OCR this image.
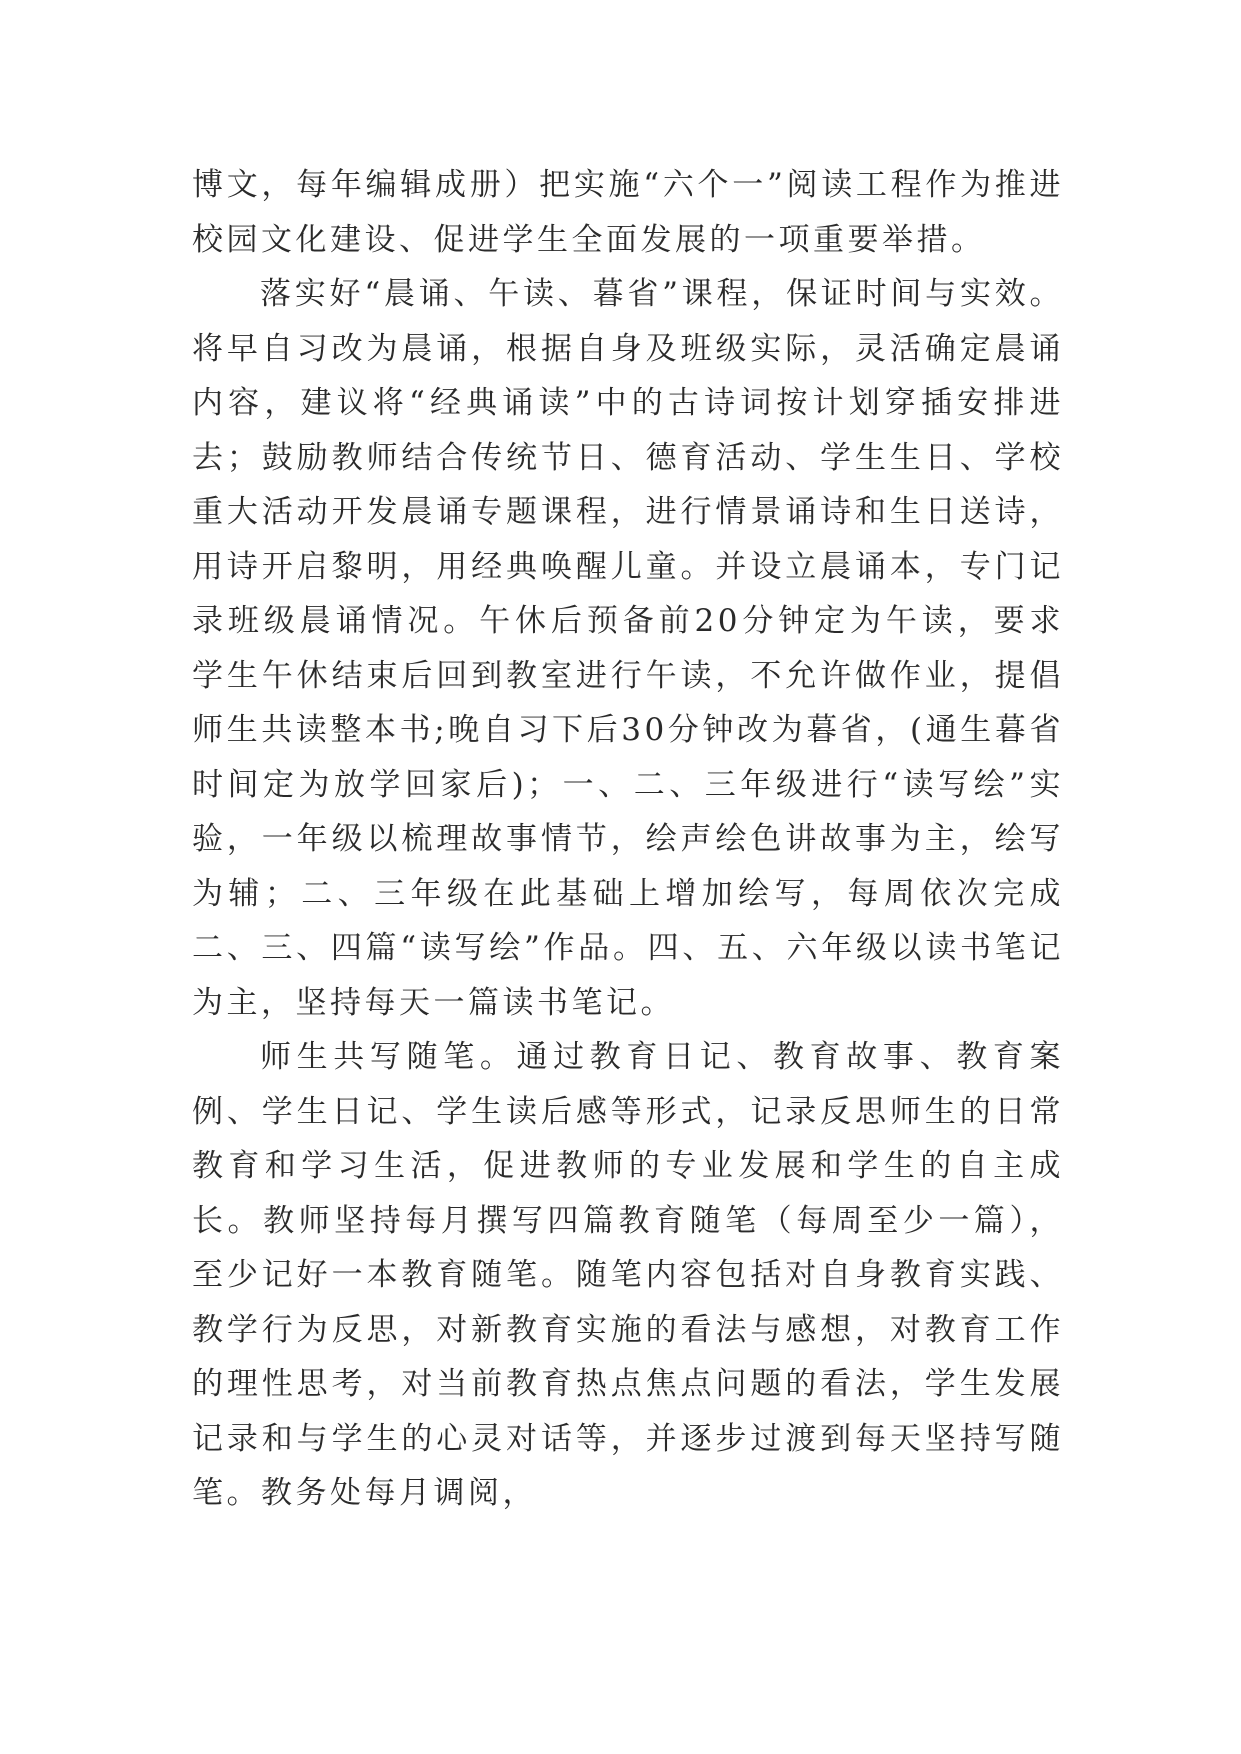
博文，每年编辑成册）把实施“六个一”阅读工程作为推进校园文化建设、促进学生全面发展的一项重要举措。

落实好“晨诵、午读、暮省”课程，保证时间与实效。将早自习改为晨诵，根据自身及班级实际，灵活确定晨诵内容，建议将“经典诵读”中的古诗词按计划穿插安排进去；鼓励教师结合传统节日、德育活动、学生生日、学校重大活动开发晨诵专题课程，进行情景诵诗和生日送诗，用诗开启黎明，用经典唤醒儿童。并设立晨诵本，专门记录班级晨诵情况。午休后预备前20分钟定为午读，要求学生午休结束后回到教室进行午读，不允许做作业，提倡师生共读整本书;晚自习下后30分钟改为暮省，(通生暮省时间定为放学回家后)；一、二、三年级进行“读写绘”实验，一年级以梳理故事情节，绘声绘色讲故事为主，绘写为辅；二、三年级在此基础上增加绘写，每周依次完成二、三、四篇“读写绘”作品。四、五、六年级以读书笔记为主，坚持每天一篇读书笔记。

师生共写随笔。通过教育日记、教育故事、教育案例、学生日记、学生读后感等形式，记录反思师生的日常教育和学习生活，促进教师的专业发展和学生的自主成长。教师坚持每月撰写四篇教育随笔（每周至少一篇），至少记好一本教育随笔。随笔内容包括对自身教育实践、教学行为反思，对新教育实施的看法与感想，对教育工作的理性思考，对当前教育热点焦点问题的看法，学生发展记录和与学生的心灵对话等，并逐步过渡到每天坚持写随笔。教务处每月调阅，
